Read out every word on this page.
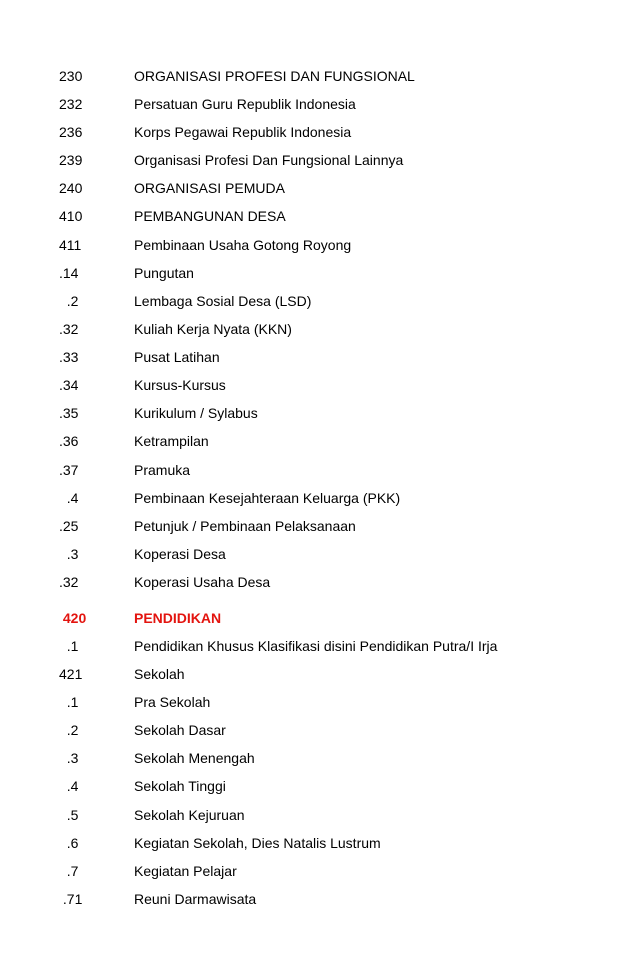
230	ORGANISASI PROFESI DAN FUNGSIONAL
232	Persatuan Guru Republik Indonesia
236	Korps Pegawai Republik Indonesia
239	Organisasi Profesi Dan Fungsional Lainnya
240	ORGANISASI PEMUDA
410	PEMBANGUNAN DESA
411	Pembinaan Usaha Gotong Royong
.14	Pungutan
.2	Lembaga Sosial Desa (LSD)
.32	Kuliah Kerja Nyata (KKN)
.33	Pusat Latihan
.34	Kursus-Kursus
.35	Kurikulum / Sylabus
.36	Ketrampilan
.37	Pramuka
.4	Pembinaan Kesejahteraan Keluarga (PKK)
.25	Petunjuk / Pembinaan Pelaksanaan
.3	Koperasi Desa
.32	Koperasi Usaha Desa
420	PENDIDIKAN
.1	Pendidikan Khusus Klasifikasi disini Pendidikan Putra/I Irja
421	Sekolah
.1	Pra Sekolah
.2	Sekolah Dasar
.3	Sekolah Menengah
.4	Sekolah Tinggi
.5	Sekolah Kejuruan
.6	Kegiatan Sekolah, Dies Natalis Lustrum
.7	Kegiatan Pelajar
.71	Reuni Darmawisata
